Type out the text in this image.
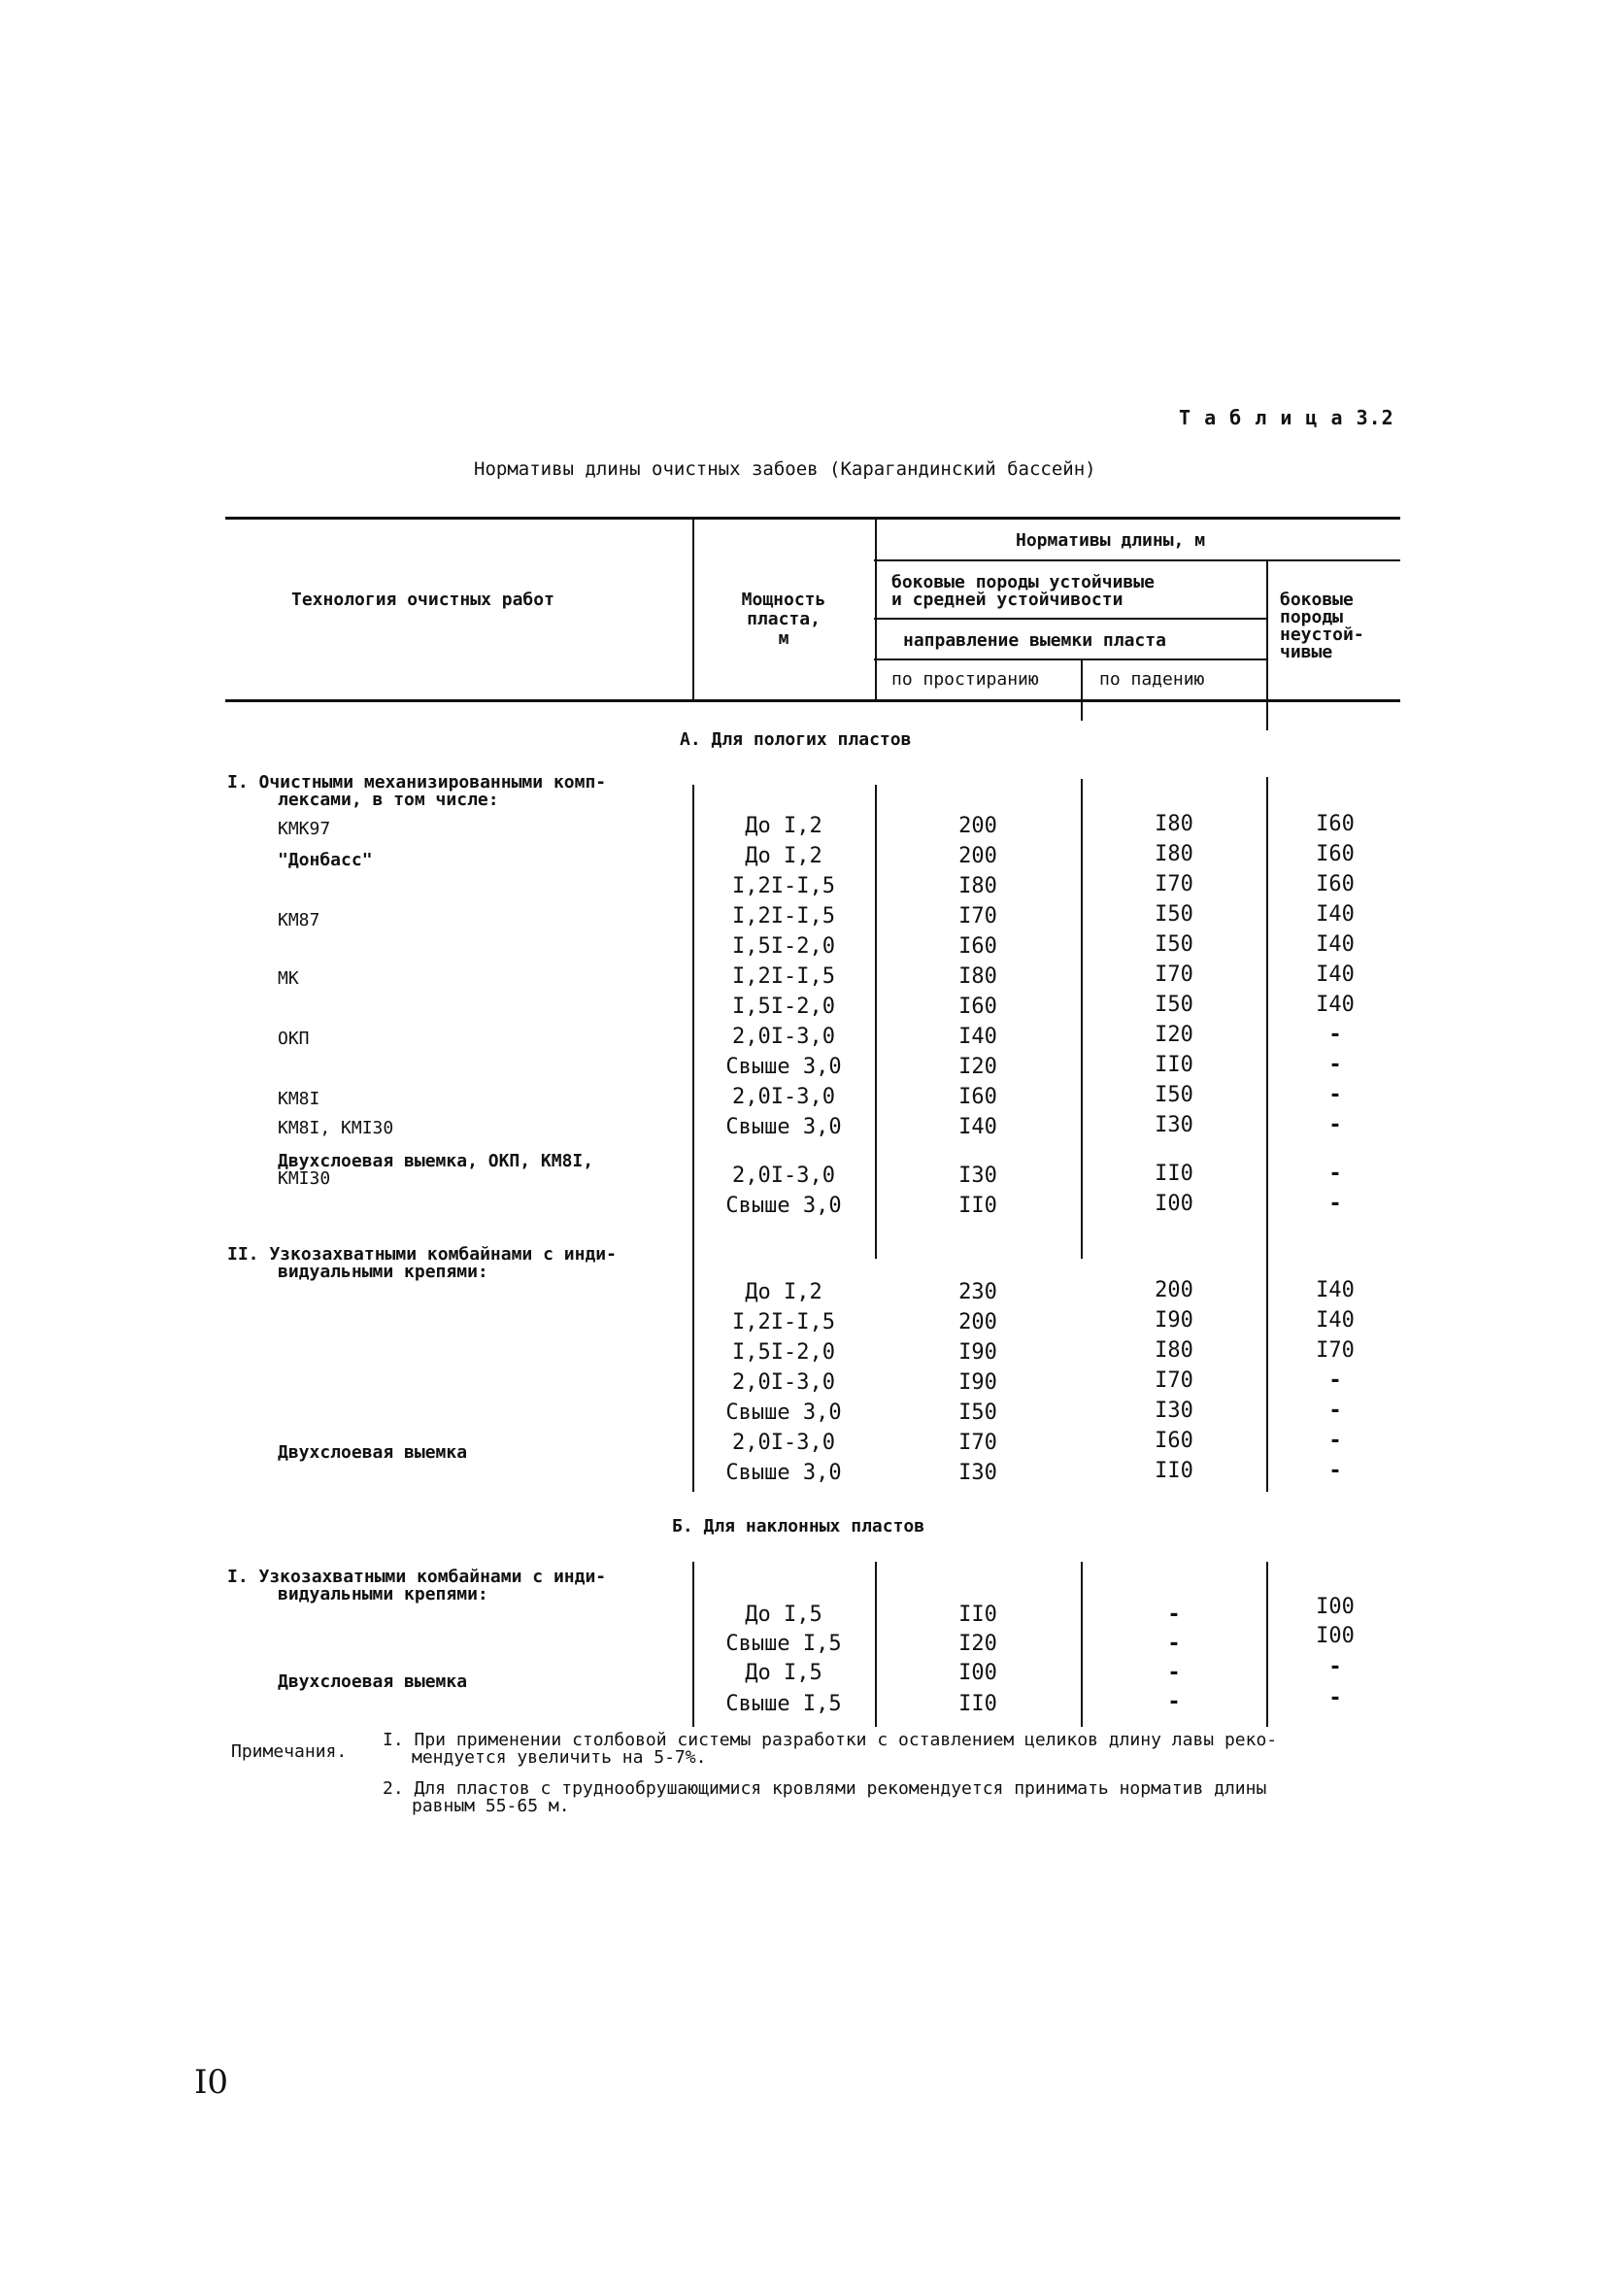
Т а б л и ц а 3.2
Нормативы длины очистных забоев (Карагандинский бассейн)
Технология очистных работ	Мощность
пласта,
м
Нормативы длины, м
боковые породы устойчивые
и средней устойчивости
направление выемки пласта
по простиранию	по падению
боковые
породы
неустой-
чивые
А. Для пологих пластов
Б. Для наклонных пластов
I. Очистными механизированными комп-
лексами, в том числе:
II. Узкозахватными комбайнами с инди-
видуальными крепями:
I. Узкозахватными комбайнами с инди-
видуальными крепями:
КМК97
"Донбасс"
КМ87
МК
ОКП
КМ8I
КМ8I, КМI30
Двухслоевая выемка, ОКП, КМ8I,
КМI30
Двухслоевая выемка
Двухслоевая выемка
До I,2
До I,2
I,2I-I,5
I,2I-I,5
I,5I-2,0
I,2I-I,5
I,5I-2,0
2,0I-3,0
Свыше 3,0
2,0I-3,0
Свыше 3,0
2,0I-3,0
Свыше 3,0
До I,2
I,2I-I,5
I,5I-2,0
2,0I-3,0
Свыше 3,0
2,0I-3,0
Свыше 3,0
До I,5
Свыше I,5
До I,5
Свыше I,5
200
200
I80
I70
I60
I80
I60
I40
I20
I60
I40
I30
II0
230
200
I90
I90
I50
I70
I30
II0
I20
I00
II0
I80
I80
I70
I50
I50
I70
I50
I20
II0
I50
I30
II0
I00
200
I90
I80
I70
I30
I60
II0
-
-
-
-
I60
I60
I60
I40
I40
I40
I40
-
-
-
-
-
-
I40
I40
I70
-
-
-
-
I00
I00
-
-
Примечания.
I. При применении столбовой системы разработки с оставлением целиков длину лавы реко-
мендуется увеличить на 5-7%.
2. Для пластов с труднообрушающимися кровлями рекомендуется принимать норматив длины
равным 55-65 м.
I0
